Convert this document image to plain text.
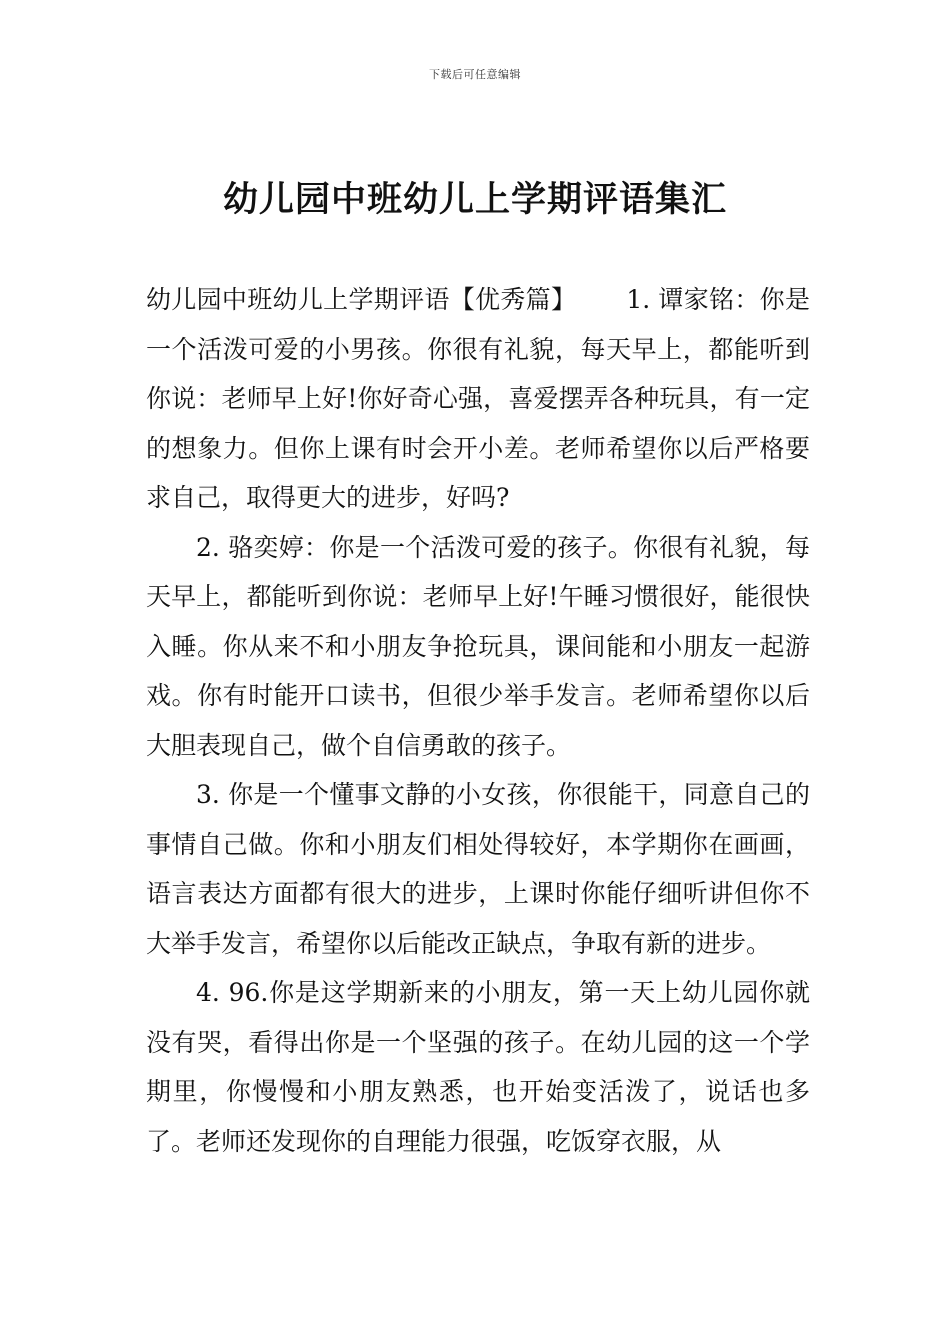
下载后可任意编辑
幼儿园中班幼儿上学期评语集汇

幼儿园中班幼儿上学期评语【优秀篇】 1. 谭家铭：你是一个活泼可爱的小男孩。你很有礼貌，每天早上，都能听到你说：老师早上好!你好奇心强，喜爱摆弄各种玩具，有一定的想象力。但你上课有时会开小差。老师希望你以后严格要求自己，取得更大的进步，好吗?

2. 骆奕婷：你是一个活泼可爱的孩子。你很有礼貌，每天早上，都能听到你说：老师早上好!午睡习惯很好，能很快入睡。你从来不和小朋友争抢玩具，课间能和小朋友一起游戏。你有时能开口读书，但很少举手发言。老师希望你以后大胆表现自己，做个自信勇敢的孩子。

3. 你是一个懂事文静的小女孩，你很能干，同意自己的事情自己做。你和小朋友们相处得较好，本学期你在画画，语言表达方面都有很大的进步，上课时你能仔细听讲但你不大举手发言，希望你以后能改正缺点，争取有新的进步。

4. 96.你是这学期新来的小朋友，第一天上幼儿园你就没有哭，看得出你是一个坚强的孩子。在幼儿园的这一个学期里，你慢慢和小朋友熟悉，也开始变活泼了，说话也多了。老师还发现你的自理能力很强，吃饭穿衣服，从
